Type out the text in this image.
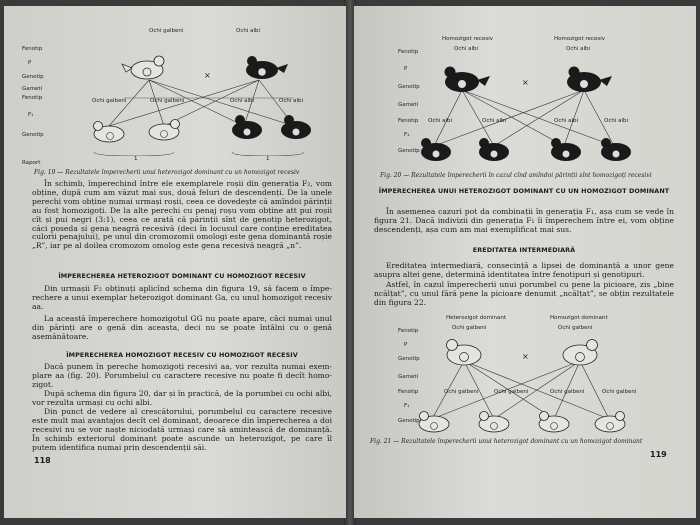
×
Ochi galbeni	Ochi albi
Fenotip
P
Genotip
Gameti
Fenotip
F₁
Genotip
Raport
Ochi galbeni	Ochi galbeni	Ochi albi	Ochi albi
1	1
Fig. 19 — Rezultatele împerecherii unui heterozigot dominant cu un homozigot recesiv
În schimb, împerechind între ele exemplarele roșii din generația F₂, vom obține, după cum am văzut mai sus, două feluri de descendenți. De la unele perechi vom obține numai urmași roșii, ceea ce dovedește că amîndoi părinții au fost homozigoți. De la alte perechi cu penaj roșu vom obține att pui roșii cît și pui negri (3:1), ceea ce arată că părinții sînt de genotip heterozigot, căci poseda și gena neagră recesivă (deci în locusul care conține ereditatea culorii penajului), pe unul din cromozomii omologi este gena dominantă roșie „R”, iar pe al doilea cromozom omolog este gena recesivă neagră „n”.
ÎMPERECHEREA HETEROZIGOT DOMINANT CU HOMOZIGOT RECESIV
Din urmașii F₂ obținuți aplicînd schema din figura 19, să facem o împerechere a unui exemplar heterozigot dominant Ga, cu unul homozigot recesiv aa.
La această împerechere homozigotul GG nu poate apare, câci numai unul din părinți are o genă din aceasta, deci nu se poate întâlni cu o genă asemănătoare.
ÎMPERECHEREA HOMOZIGOT RECESIV CU HOMOZIGOT RECESIV
Dacă punem în pereche homozigoți recesivi aa, vor rezulta numai exemplare aa (fig. 20). Porumbelul cu caractere recesive nu poate fi decît homozigot.
După schema din figura 20, dar și în practică, de la porumbei cu ochi albi, vor rezulta urmași cu ochi albi.
Din punct de vedere al crescătorului, porumbelul cu caractere recesive este mult mai avantajos decît cel dominant, deoarece din împerecherea a doi recesivi nu se vor naște niciodată urmași care să amintească de dominanță. În schimb exteriorul dominant poate ascunde un heterozigot, pe care îl putem identifica numai prin descendenții săi.
118
Homozigot recesiv	Homozigot recesiv
Ochi albi	Ochi albi
×
Fenotip
P
Genotip
Gameti
Fenotip
F₁
Genotip
Ochi albi	Ochi albi	Ochi albi	Ochi albi
Fig. 20 — Rezultatele împerecherii în cazul cînd amîndoi părinții sînt homozigoți recesivi
ÎMPERECHEREA UNUI HETEROZIGOT DOMINANT CU UN HOMOZIGOT DOMINANT
În asemenea cazuri pot da combinații în generația F₁, așa cum se vede în figura 21. Dacă indivizii din generația F₁ îi împerechem între ei, vom obține descendenți, așa cum am mai exemplificat mai sus.
EREDITATEA INTERMEDIARĂ
Ereditatea intermediară, consecință a lipsei de dominanță a unor gene asupra altei gene, determină identitatea între fenotipuri și genotipuri.
Astfel, în cazul împerecherii unui porumbel cu pene la picioare, zis „bine ncălțat”, cu unul fără pene la picioare denumit „ncălțat”, se obțin rezultatele din figura 22.
Heterozigot dominant	Homozigot dominant
Ochi galbeni	Ochi galbeni
×
Fenotip
P
Genotip
Gameti
Fenotip
F₁
Genotip
Ochi galbeni	Ochi galbeni	Ochi galbeni	Ochi galbeni
Fig. 21 — Rezultatele împerecherii unui heterozigot dominant cu un homozigot dominant
119
